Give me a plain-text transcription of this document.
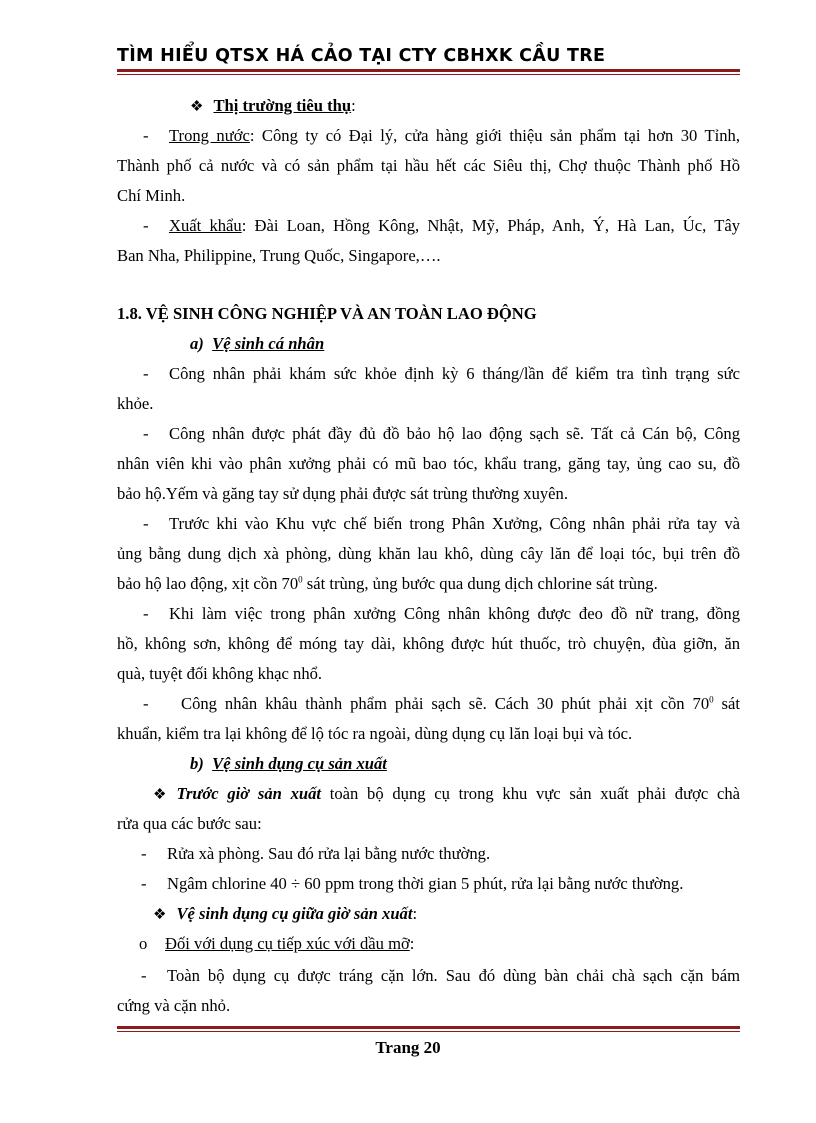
TÌM HIỂU QTSX HÁ CẢO TẠI CTY CBHXK CẦU TRE
❖ Thị trường tiêu thụ:
- Trong nước: Công ty có Đại lý, cửa hàng giới thiệu sản phẩm tại hơn 30 Tỉnh,
Thành phố cả nước và có sản phẩm tại hầu hết các Siêu thị, Chợ thuộc Thành phố Hồ
Chí Minh.
- Xuất khẩu: Đài Loan, Hồng Kông, Nhật, Mỹ, Pháp, Anh, Ý, Hà Lan, Úc, Tây
Ban Nha, Philippine, Trung Quốc, Singapore,….
1.8. VỆ SINH CÔNG NGHIỆP VÀ AN TOÀN LAO ĐỘNG
a) Vệ sinh cá nhân
- Công nhân phải khám sức khỏe định kỳ 6 tháng/lần để kiểm tra tình trạng sức
khỏe.
- Công nhân được phát đầy đủ đồ bảo hộ lao động sạch sẽ. Tất cả Cán bộ, Công
nhân viên khi vào phân xưởng phải có mũ bao tóc, khẩu trang, găng tay, ủng cao su, đồ
bảo hộ.Yếm và găng tay sử dụng phải được sát trùng thường xuyên.
- Trước khi vào Khu vực chế biến trong Phân Xưởng, Công nhân phải rửa tay và
ủng bằng dung dịch xà phòng, dùng khăn lau khô, dùng cây lăn để loại tóc, bụi trên đồ
bảo hộ lao động, xịt cồn $70^0$ sát trùng, ủng bước qua dung dịch chlorine sát trùng.
- Khi làm việc trong phân xưởng Công nhân không được đeo đồ nữ trang, đồng
hồ, không sơn, không để móng tay dài, không được hút thuốc, trò chuyện, đùa giỡn, ăn
quà, tuyệt đối không khạc nhổ.
- Công nhân khâu thành phẩm phải sạch sẽ. Cách 30 phút phải xịt cồn $70^0$ sát
khuẩn, kiểm tra lại không để lộ tóc ra ngoài, dùng dụng cụ lăn loại bụi và tóc.
b) Vệ sinh dụng cụ sản xuất
❖ Trước giờ sản xuất toàn bộ dụng cụ trong khu vực sản xuất phải được chà
rửa qua các bước sau:
- Rửa xà phòng. Sau đó rửa lại bằng nước thường.
- Ngâm chlorine 40 ÷ 60 ppm trong thời gian 5 phút, rửa lại bằng nước thường.
❖ Vệ sinh dụng cụ giữa giờ sản xuất:
o Đối với dụng cụ tiếp xúc với dầu mỡ:
- Toàn bộ dụng cụ được tráng cặn lớn. Sau đó dùng bàn chải chà sạch cặn bám
cứng và cặn nhỏ.
Trang 20
